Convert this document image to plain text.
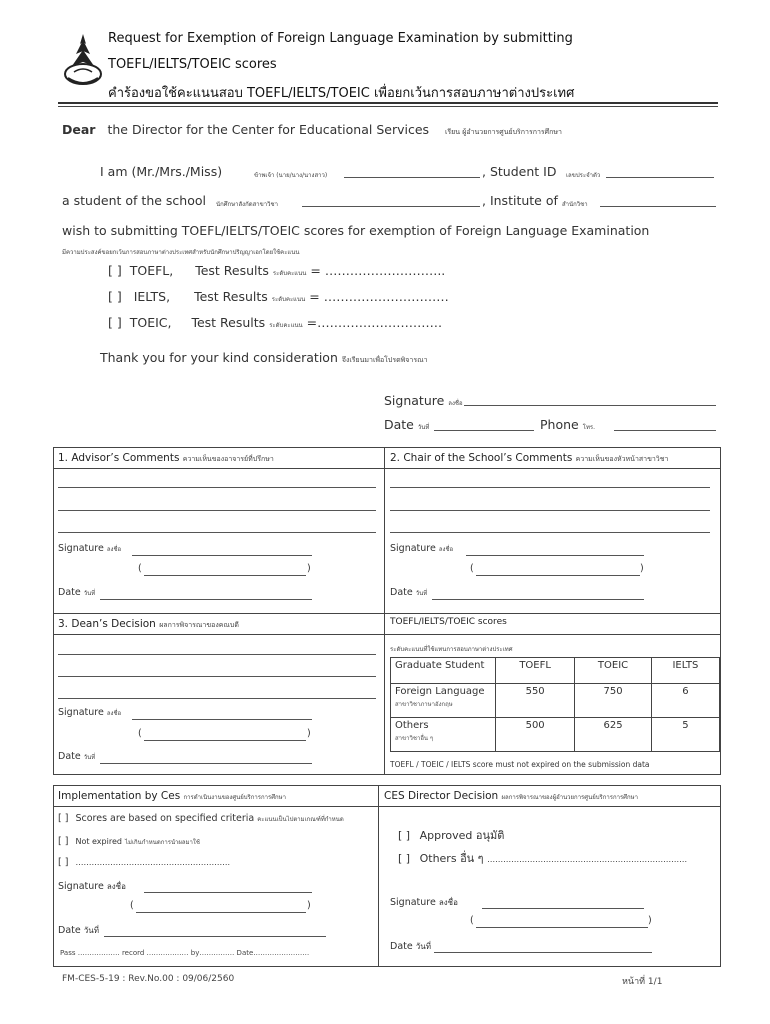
Request for Exemption of Foreign Language Examination by submitting
TOEFL/IELTS/TOEIC scores
คำร้องขอใช้คะแนนสอบ TOEFL/IELTS/TOEIC เพื่อยกเว้นการสอบภาษาต่างประเทศ
Dear the Director for the Center for Educational Services เรียน ผู้อำนวยการศูนย์บริการการศึกษา
I am (Mr./Mrs./Miss)	ข้าพเจ้า (นาย/นาง/นางสาว)	, Student ID เลขประจำตัว
a student of the school นักศึกษาสังกัดสาขาวิชา	, Institute of สำนักวิชา
wish to submitting TOEFL/IELTS/TOEIC scores for exemption of Foreign Language Examination
มีความประสงค์ขอยกเว้นการสอบภาษาต่างประเทศสำหรับนักศึกษาปริญญาเอกโดยใช้คะแนน
[ ] TOEFL, Test Results ระดับคะแนน = ………………………..
[ ] IELTS, Test Results ระดับคะแนน = …………………………
[ ] TOEIC, Test Results ระดับคะแนน =…………………………
Thank you for your kind consideration จึงเรียนมาเพื่อโปรดพิจารณา
Signature ลงชื่อ
Date วันที่	Phone โทร.
1. Advisor’s Comments ความเห็นของอาจารย์ที่ปรึกษา	2. Chair of the School’s Comments ความเห็นของหัวหน้าสาขาวิชา
Signature ลงชื่อ
(	)
Date วันที่
Signature ลงชื่อ
(	)
Date วันที่
3. Dean’s Decision ผลการพิจารณาของคณบดี
Signature ลงชื่อ
(	)
Date วันที่
TOEFL/IELTS/TOEIC scores
ระดับคะแนนที่ใช้แทนการสอบภาษาต่างประเทศ
Graduate Student	TOEFL	TOEIC	IELTS
Foreign Language
สาขาวิชาภาษาอังกฤษ	550	750	6
Others
สาขาวิชาอื่น ๆ	500	625	5
TOEFL / TOEIC / IELTS score must not expired on the submission data
Implementation by Ces การดำเนินงานของศูนย์บริการการศึกษา	CES Director Decision ผลการพิจารณาของผู้อำนวยการศูนย์บริการการศึกษา
[ ] Scores are based on specified criteria คะแนนเป็นไปตามเกณฑ์ที่กำหนด
[ ] Not expired ไม่เกินกำหนดการนำผลมาใช้
[ ] ………………………………………………….
Signature ลงชื่อ
(	)
Date วันที่
Pass ……………… record ……………… by…………… Date……………………
[ ] Approved อนุมัติ
[ ] Others อื่น ๆ …………………………………………………………………
Signature ลงชื่อ
(	)
Date วันที่
FM-CES-5-19 : Rev.No.00 : 09/06/2560	หน้าที่ 1/1
